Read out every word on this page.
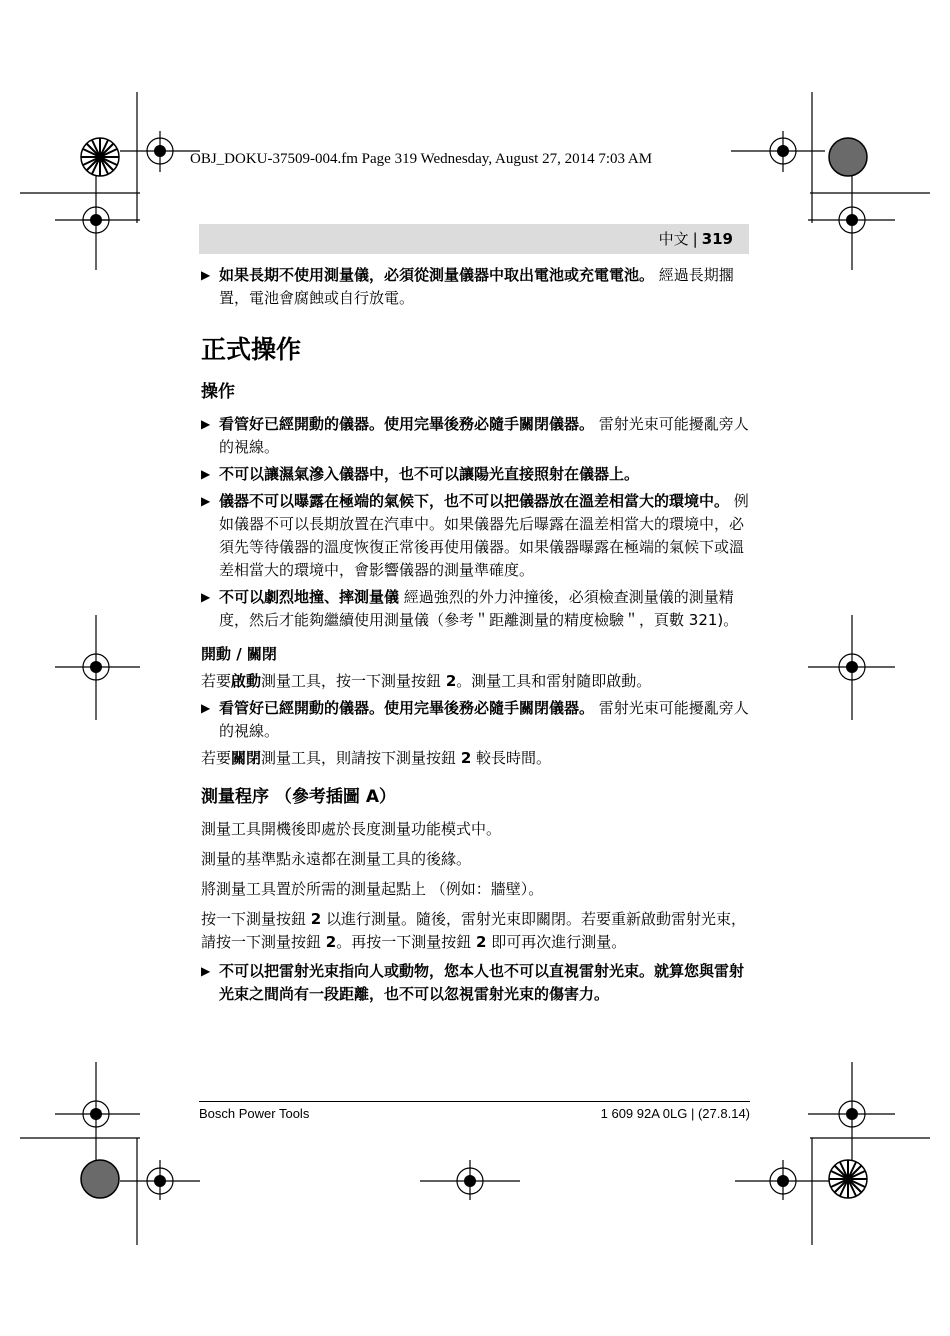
OBJ_DOKU-37509-004.fm Page 319 Wednesday, August 27, 2014 7:03 AM
中文 | 319
▶ 如果長期不使用測量儀，必須從測量儀器中取出電池或充電電池。 經過長期擱置，電池會腐蝕或自行放電。
正式操作
操作
▶ 看管好已經開動的儀器。使用完畢後務必隨手關閉儀器。 雷射光束可能擾亂旁人的視線。
▶ 不可以讓濕氣滲入儀器中，也不可以讓陽光直接照射在儀器上。
▶ 儀器不可以曝露在極端的氣候下，也不可以把儀器放在溫差相當大的環境中。 例如儀器不可以長期放置在汽車中。如果儀器先后曝露在溫差相當大的環境中，必須先等待儀器的溫度恢復正常後再使用儀器。如果儀器曝露在極端的氣候下或溫差相當大的環境中，會影響儀器的測量準確度。
▶ 不可以劇烈地撞、摔測量儀 經過強烈的外力沖撞後，必須檢查測量儀的測量精度，然后才能夠繼續使用測量儀（參考＂距離測量的精度檢驗＂，頁數 321)。
開動 / 關閉

若要啟動測量工具，按一下測量按鈕 2。測量工具和雷射隨即啟動。

▶ 看管好已經開動的儀器。使用完畢後務必隨手關閉儀器。 雷射光束可能擾亂旁人的視線。

若要關閉測量工具，則請按下測量按鈕 2 較長時間。

測量程序 （參考插圖 A）

測量工具開機後即處於長度測量功能模式中。

測量的基準點永遠都在測量工具的後緣。

將測量工具置於所需的測量起點上 （例如：牆壁）。

按一下測量按鈕 2 以進行測量。隨後，雷射光束即關閉。若要重新啟動雷射光束，請按一下測量按鈕 2。再按一下測量按鈕 2 即可再次進行測量。

▶ 不可以把雷射光束指向人或動物，您本人也不可以直視雷射光束。就算您與雷射光束之間尚有一段距離，也不可以忽視雷射光束的傷害力。
Bosch Power Tools	1 609 92A 0LG | (27.8.14)
